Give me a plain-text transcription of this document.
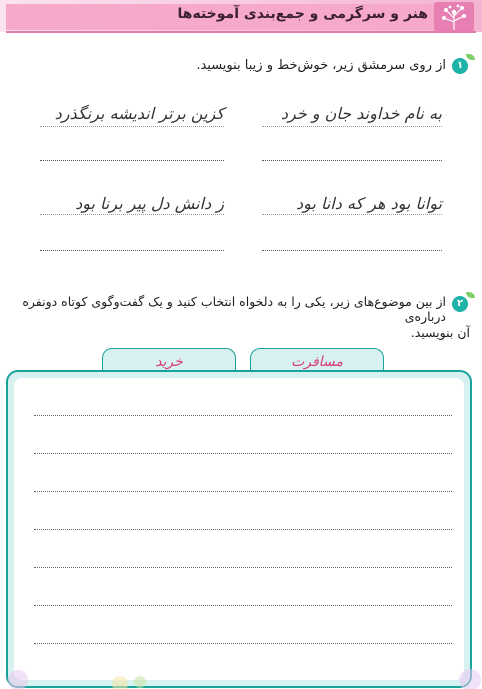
هنر و سرگرمی و جمع‌بندی آموخته‌ها
۱
از روی سرمشق زیر، خوش‌خط و زیبا بنویسید.
به نام خداوند جان و خرد
کزین برتر اندیشه برنگذرد
توانا بود هر که دانا بود
ز دانش دل پیر برنا بود
۲
از بین موضوع‌های زیر، یکی را به دلخواه انتخاب کنید و یک گفت‌وگوی کوتاه دونفره درباره‌ی
آن بنویسید.
مسافرت
خرید
